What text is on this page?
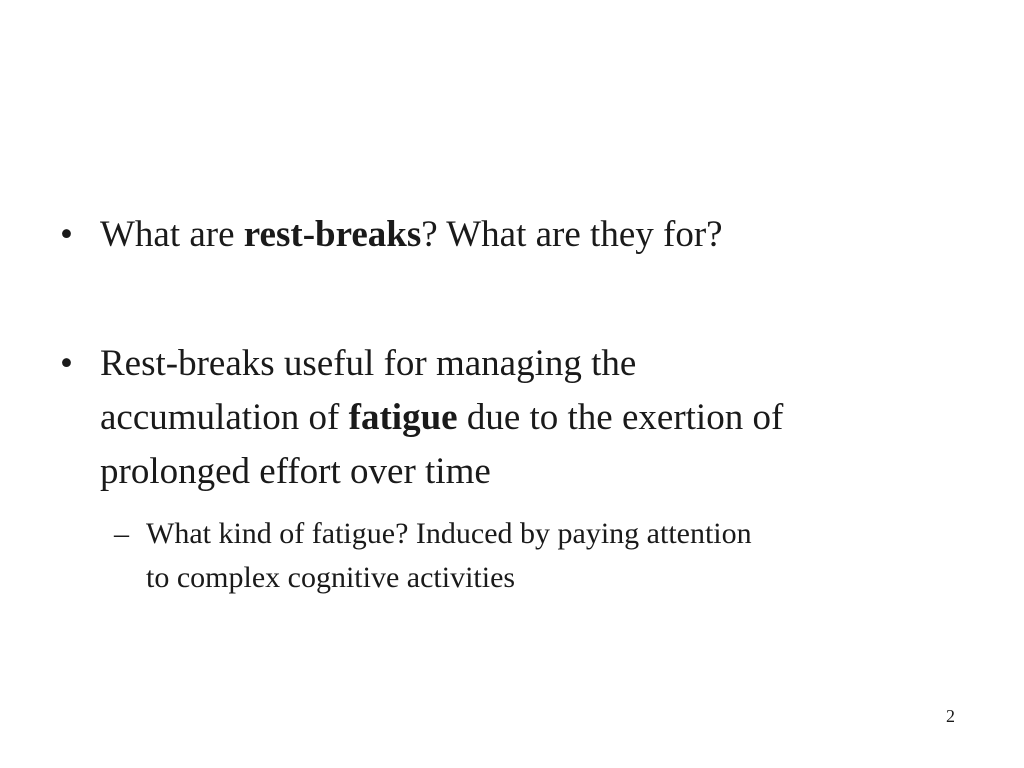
• What are rest-breaks? What are they for?
• Rest-breaks useful for managing the
accumulation of fatigue due to the exertion of
prolonged effort over time
– What kind of fatigue? Induced by paying attention
to complex cognitive activities
2
